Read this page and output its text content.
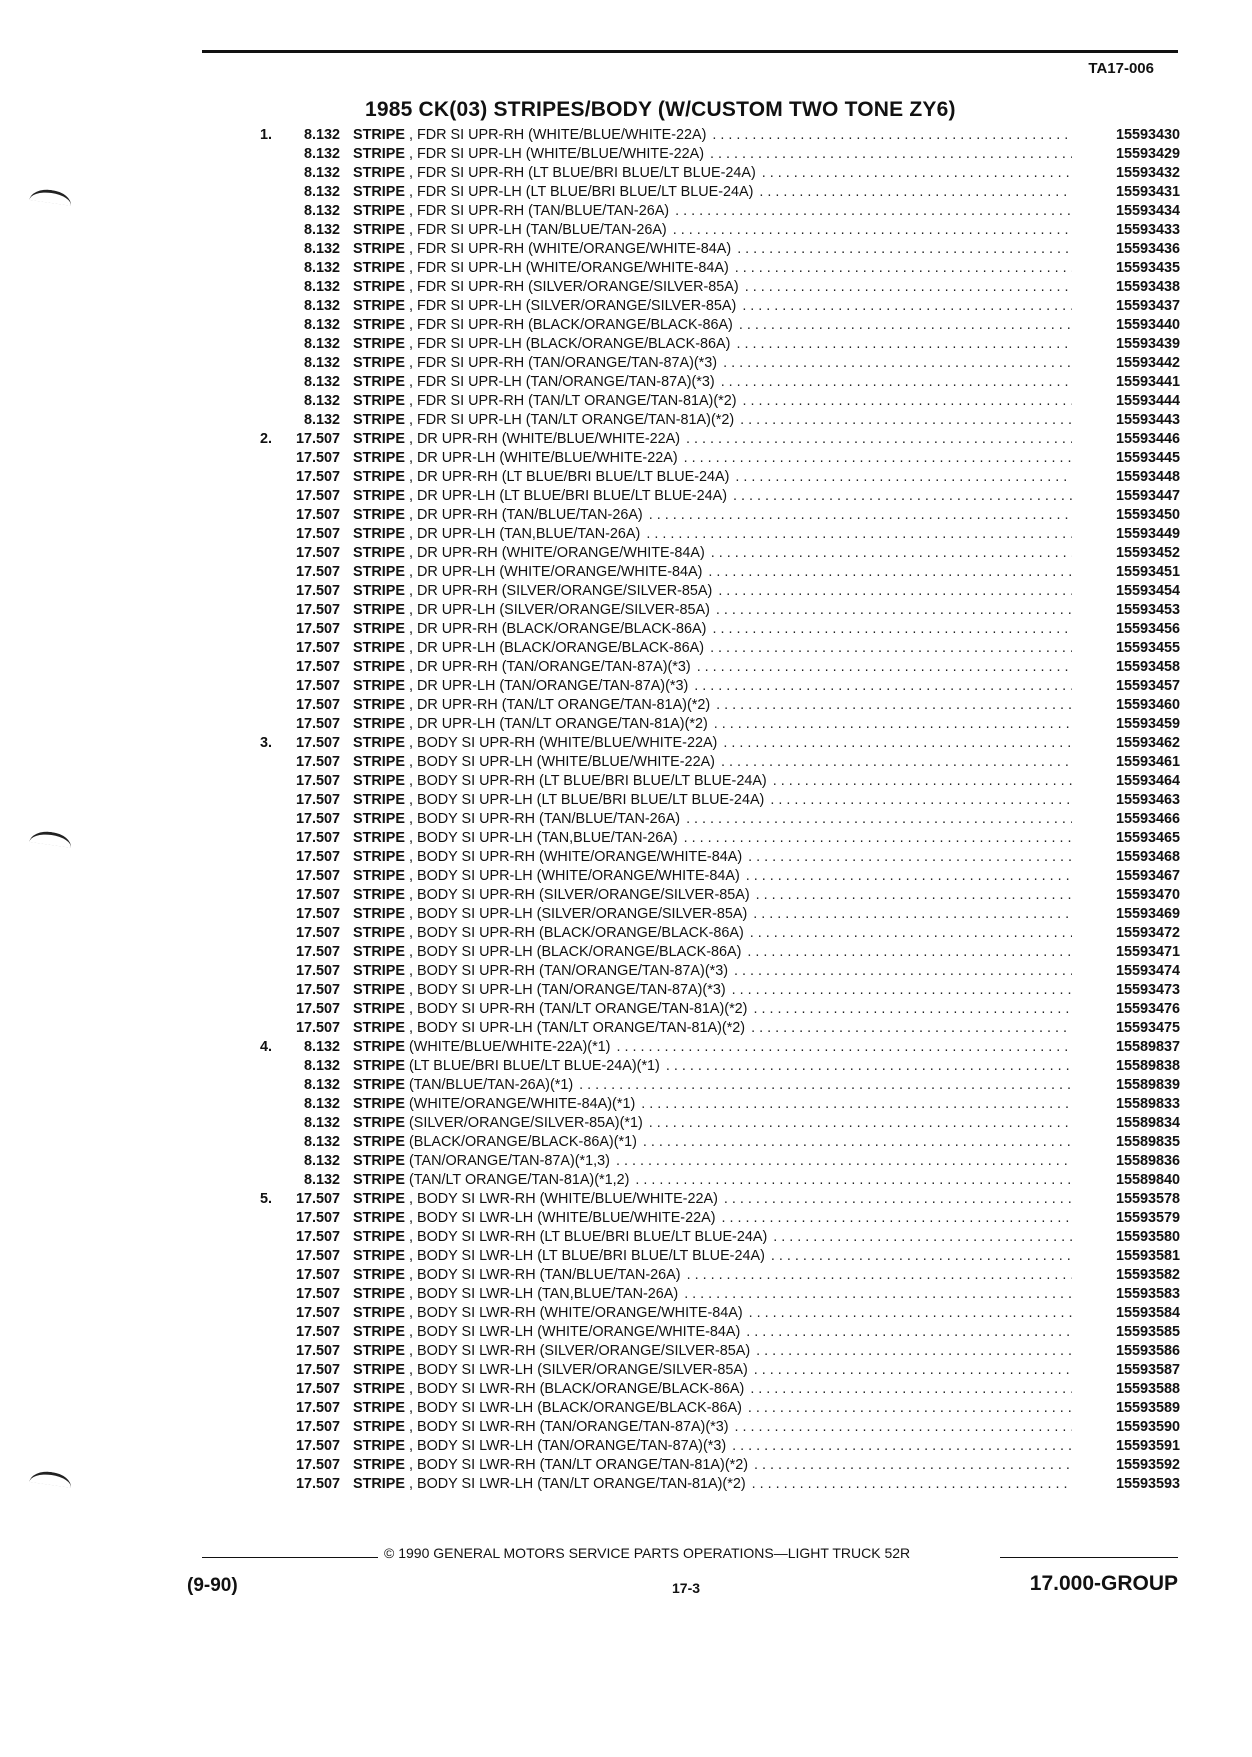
TA17-006
1985 CK(03) STRIPES/BODY (W/CUSTOM TWO TONE ZY6)
1.	8.132 STRIPE , FDR SI UPR-RH (WHITE/BLUE/WHITE-22A) . . .	15593430
8.132 STRIPE , FDR SI UPR-LH (WHITE/BLUE/WHITE-22A) . . .	15593429
8.132 STRIPE , FDR SI UPR-RH (LT BLUE/BRI BLUE/LT BLUE-24A) . . .	15593432
8.132 STRIPE , FDR SI UPR-LH (LT BLUE/BRI BLUE/LT BLUE-24A) . . .	15593431
8.132 STRIPE , FDR SI UPR-RH (TAN/BLUE/TAN-26A) . . .	15593434
8.132 STRIPE , FDR SI UPR-LH (TAN/BLUE/TAN-26A) . . .	15593433
8.132 STRIPE , FDR SI UPR-RH (WHITE/ORANGE/WHITE-84A) . . .	15593436
8.132 STRIPE , FDR SI UPR-LH (WHITE/ORANGE/WHITE-84A) . . .	15593435
8.132 STRIPE , FDR SI UPR-RH (SILVER/ORANGE/SILVER-85A) . . .	15593438
8.132 STRIPE , FDR SI UPR-LH (SILVER/ORANGE/SILVER-85A) . . .	15593437
8.132 STRIPE , FDR SI UPR-RH (BLACK/ORANGE/BLACK-86A) . . .	15593440
8.132 STRIPE , FDR SI UPR-LH (BLACK/ORANGE/BLACK-86A) . . .	15593439
8.132 STRIPE , FDR SI UPR-RH (TAN/ORANGE/TAN-87A)(*3) . . .	15593442
8.132 STRIPE , FDR SI UPR-LH (TAN/ORANGE/TAN-87A)(*3) . . .	15593441
8.132 STRIPE , FDR SI UPR-RH (TAN/LT ORANGE/TAN-81A)(*2) . . .	15593444
8.132 STRIPE , FDR SI UPR-LH (TAN/LT ORANGE/TAN-81A)(*2) . . .	15593443
2.	17.507 STRIPE , DR UPR-RH (WHITE/BLUE/WHITE-22A) . . .	15593446
17.507 STRIPE , DR UPR-LH (WHITE/BLUE/WHITE-22A) . . .	15593445
17.507 STRIPE , DR UPR-RH (LT BLUE/BRI BLUE/LT BLUE-24A) . . .	15593448
17.507 STRIPE , DR UPR-LH (LT BLUE/BRI BLUE/LT BLUE-24A) . . .	15593447
17.507 STRIPE , DR UPR-RH (TAN/BLUE/TAN-26A) . . .	15593450
17.507 STRIPE , DR UPR-LH (TAN,BLUE/TAN-26A) . . .	15593449
17.507 STRIPE , DR UPR-RH (WHITE/ORANGE/WHITE-84A) . . .	15593452
17.507 STRIPE , DR UPR-LH (WHITE/ORANGE/WHITE-84A) . . .	15593451
17.507 STRIPE , DR UPR-RH (SILVER/ORANGE/SILVER-85A) . . .	15593454
17.507 STRIPE , DR UPR-LH (SILVER/ORANGE/SILVER-85A) . . .	15593453
17.507 STRIPE , DR UPR-RH (BLACK/ORANGE/BLACK-86A) . . .	15593456
17.507 STRIPE , DR UPR-LH (BLACK/ORANGE/BLACK-86A) . . .	15593455
17.507 STRIPE , DR UPR-RH (TAN/ORANGE/TAN-87A)(*3) . . .	15593458
17.507 STRIPE , DR UPR-LH (TAN/ORANGE/TAN-87A)(*3) . . .	15593457
17.507 STRIPE , DR UPR-RH (TAN/LT ORANGE/TAN-81A)(*2) . . .	15593460
17.507 STRIPE , DR UPR-LH (TAN/LT ORANGE/TAN-81A)(*2) . . .	15593459
3.	17.507 STRIPE , BODY SI UPR-RH (WHITE/BLUE/WHITE-22A) . . .	15593462
17.507 STRIPE , BODY SI UPR-LH (WHITE/BLUE/WHITE-22A) . . .	15593461
17.507 STRIPE , BODY SI UPR-RH (LT BLUE/BRI BLUE/LT BLUE-24A) . . .	15593464
17.507 STRIPE , BODY SI UPR-LH (LT BLUE/BRI BLUE/LT BLUE-24A) . . .	15593463
17.507 STRIPE , BODY SI UPR-RH (TAN/BLUE/TAN-26A) . . .	15593466
17.507 STRIPE , BODY SI UPR-LH (TAN,BLUE/TAN-26A) . . .	15593465
17.507 STRIPE , BODY SI UPR-RH (WHITE/ORANGE/WHITE-84A) . . .	15593468
17.507 STRIPE , BODY SI UPR-LH (WHITE/ORANGE/WHITE-84A) . . .	15593467
17.507 STRIPE , BODY SI UPR-RH (SILVER/ORANGE/SILVER-85A) . . .	15593470
17.507 STRIPE , BODY SI UPR-LH (SILVER/ORANGE/SILVER-85A) . . .	15593469
17.507 STRIPE , BODY SI UPR-RH (BLACK/ORANGE/BLACK-86A) . . .	15593472
17.507 STRIPE , BODY SI UPR-LH (BLACK/ORANGE/BLACK-86A) . . .	15593471
17.507 STRIPE , BODY SI UPR-RH (TAN/ORANGE/TAN-87A)(*3) . . .	15593474
17.507 STRIPE , BODY SI UPR-LH (TAN/ORANGE/TAN-87A)(*3) . . .	15593473
17.507 STRIPE , BODY SI UPR-RH (TAN/LT ORANGE/TAN-81A)(*2) . . .	15593476
17.507 STRIPE , BODY SI UPR-LH (TAN/LT ORANGE/TAN-81A)(*2) . . .	15593475
4.	8.132 STRIPE (WHITE/BLUE/WHITE-22A)(*1) . . .	15589837
8.132 STRIPE (LT BLUE/BRI BLUE/LT BLUE-24A)(*1) . . .	15589838
8.132 STRIPE (TAN/BLUE/TAN-26A)(*1) . . .	15589839
8.132 STRIPE (WHITE/ORANGE/WHITE-84A)(*1) . . .	15589833
8.132 STRIPE (SILVER/ORANGE/SILVER-85A)(*1) . . .	15589834
8.132 STRIPE (BLACK/ORANGE/BLACK-86A)(*1) . . .	15589835
8.132 STRIPE (TAN/ORANGE/TAN-87A)(*1,3) . . .	15589836
8.132 STRIPE (TAN/LT ORANGE/TAN-81A)(*1,2) . . .	15589840
5.	17.507 STRIPE , BODY SI LWR-RH (WHITE/BLUE/WHITE-22A) . . .	15593578
17.507 STRIPE , BODY SI LWR-LH (WHITE/BLUE/WHITE-22A) . . .	15593579
17.507 STRIPE , BODY SI LWR-RH (LT BLUE/BRI BLUE/LT BLUE-24A) . . .	15593580
17.507 STRIPE , BODY SI LWR-LH (LT BLUE/BRI BLUE/LT BLUE-24A) . . .	15593581
17.507 STRIPE , BODY SI LWR-RH (TAN/BLUE/TAN-26A) . . .	15593582
17.507 STRIPE , BODY SI LWR-LH (TAN,BLUE/TAN-26A) . . .	15593583
17.507 STRIPE , BODY SI LWR-RH (WHITE/ORANGE/WHITE-84A) . . .	15593584
17.507 STRIPE , BODY SI LWR-LH (WHITE/ORANGE/WHITE-84A) . . .	15593585
17.507 STRIPE , BODY SI LWR-RH (SILVER/ORANGE/SILVER-85A) . . .	15593586
17.507 STRIPE , BODY SI LWR-LH (SILVER/ORANGE/SILVER-85A) . . .	15593587
17.507 STRIPE , BODY SI LWR-RH (BLACK/ORANGE/BLACK-86A) . . .	15593588
17.507 STRIPE , BODY SI LWR-LH (BLACK/ORANGE/BLACK-86A) . . .	15593589
17.507 STRIPE , BODY SI LWR-RH (TAN/ORANGE/TAN-87A)(*3) . . .	15593590
17.507 STRIPE , BODY SI LWR-LH (TAN/ORANGE/TAN-87A)(*3) . . .	15593591
17.507 STRIPE , BODY SI LWR-RH (TAN/LT ORANGE/TAN-81A)(*2) . . .	15593592
17.507 STRIPE , BODY SI LWR-LH (TAN/LT ORANGE/TAN-81A)(*2) . . .	15593593
© 1990 GENERAL MOTORS SERVICE PARTS OPERATIONS—LIGHT TRUCK 52R
(9-90)	17-3	17.000-GROUP
